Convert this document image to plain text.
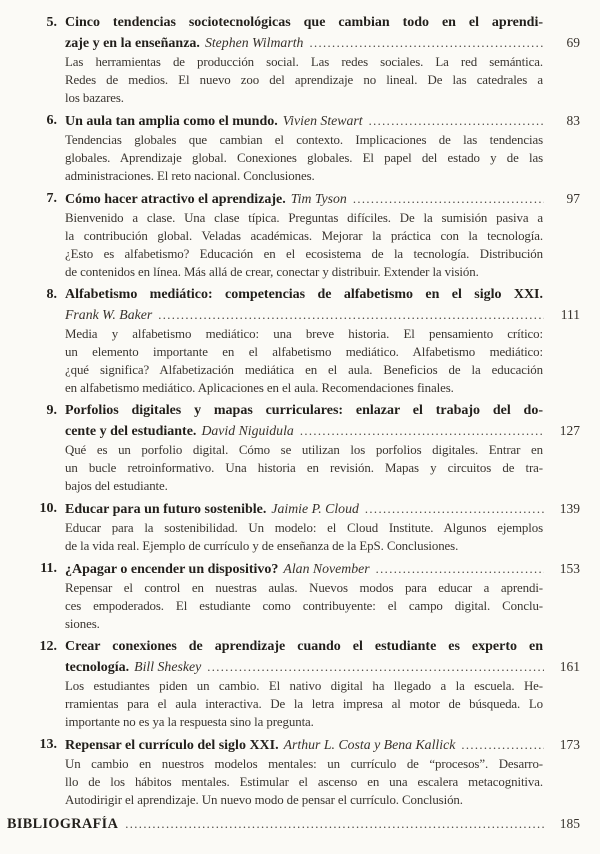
5. Cinco tendencias sociotecnológicas que cambian todo en el aprendi-
zaje y en la enseñanza. Stephen Wilmarth .....	69
Las herramientas de producción social. Las redes sociales. La red semántica.
Redes de medios. El nuevo zoo del aprendizaje no lineal. De las catedrales a
los bazares.
6. Un aula tan amplia como el mundo. Vivien Stewart .....	83
Tendencias globales que cambian el contexto. Implicaciones de las tendencias
globales. Aprendizaje global. Conexiones globales. El papel del estado y de las
administraciones. El reto nacional. Conclusiones.
7. Cómo hacer atractivo el aprendizaje. Tim Tyson .....	97
Bienvenido a clase. Una clase típica. Preguntas difíciles. De la sumisión pasiva a
la contribución global. Veladas académicas. Mejorar la práctica con la tecnología.
¿Esto es alfabetismo? Educación en el ecosistema de la tecnología. Distribución
de contenidos en línea. Más allá de crear, conectar y distribuir. Extender la visión.
8. Alfabetismo mediático: competencias de alfabetismo en el siglo XXI.
Frank W. Baker .....	111
Media y alfabetismo mediático: una breve historia. El pensamiento crítico:
un elemento importante en el alfabetismo mediático. Alfabetismo mediático:
¿qué significa? Alfabetización mediática en el aula. Beneficios de la educación
en alfabetismo mediático. Aplicaciones en el aula. Recomendaciones finales.
9. Porfolios digitales y mapas curriculares: enlazar el trabajo del do-
cente y del estudiante. David Niguidula .....	127
Qué es un porfolio digital. Cómo se utilizan los porfolios digitales. Entrar en
un bucle retroinformativo. Una historia en revisión. Mapas y circuitos de tra-
bajos del estudiante.
10. Educar para un futuro sostenible. Jaimie P. Cloud .....	139
Educar para la sostenibilidad. Un modelo: el Cloud Institute. Algunos ejemplos
de la vida real. Ejemplo de currículo y de enseñanza de la EpS. Conclusiones.
11. ¿Apagar o encender un dispositivo? Alan November .....	153
Repensar el control en nuestras aulas. Nuevos modos para educar a aprendi-
ces empoderados. El estudiante como contribuyente: el campo digital. Conclu-
siones.
12. Crear conexiones de aprendizaje cuando el estudiante es experto en
tecnología. Bill Sheskey .....	161
Los estudiantes piden un cambio. El nativo digital ha llegado a la escuela. He-
rramientas para el aula interactiva. De la letra impresa al motor de búsqueda. Lo
importante no es ya la respuesta sino la pregunta.
13. Repensar el currículo del siglo XXI. Arthur L. Costa y Bena Kallick .....	173
Un cambio en nuestros modelos mentales: un currículo de “procesos”. Desarro-
llo de los hábitos mentales. Estimular el ascenso en una escalera metacognitiva.
Autodirigir el aprendizaje. Un nuevo modo de pensar el currículo. Conclusión.
BIBLIOGRAFÍA .....	185
